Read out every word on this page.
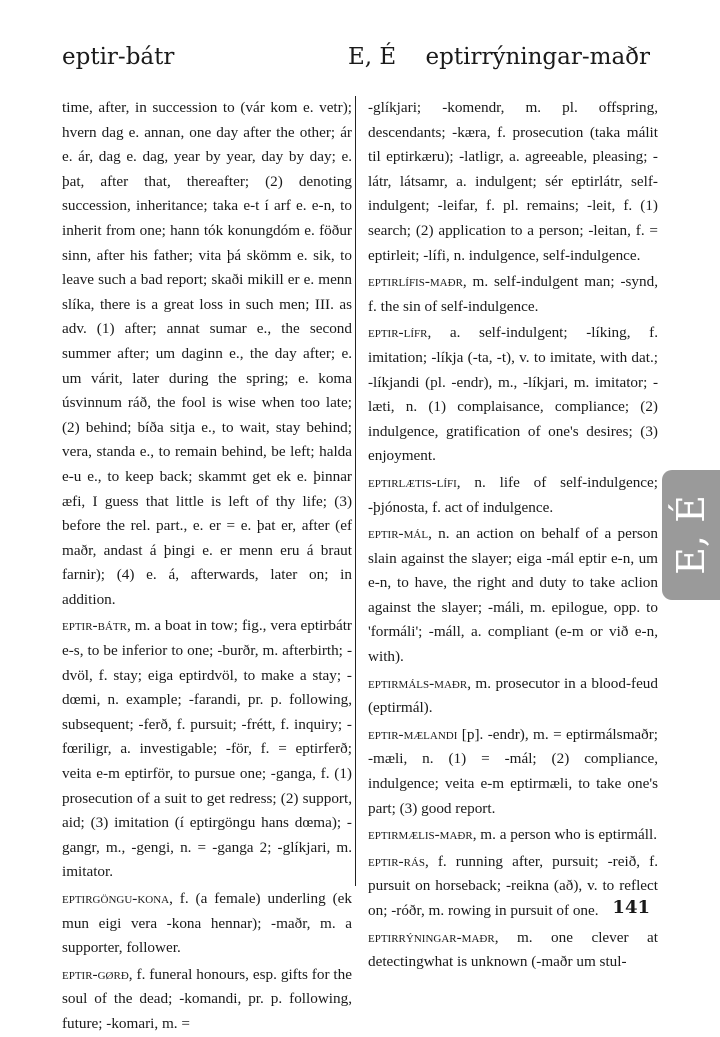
eptir-bátr	E, É eptirrýningar-maðr

time, after, in succession to (vár kom e. vetr); hvern dag e. annan, one day after the other; ár e. ár, dag e. dag, year by year, day by day; e. þat, after that, thereafter; (2) denoting succession, inheritance; taka e-t í arf e. e-n, to inherit from one; hann tók konungdóm e. föður sinn, after his father; vita þá skömm e. sik, to leave such a bad report; skaði mikill er e. menn slíka, there is a great loss in such men; III. as adv. (1) after; annat sumar e., the second summer after; um daginn e., the day after; e. um várit, later during the spring; e. koma úsvinnum ráð, the fool is wise when too late; (2) behind; bíða sitja e., to wait, stay behind; vera, standa e., to remain behind, be left; halda e-u e., to keep back; skammt get ek e. þinnar æfi, I guess that little is left of thy life; (3) before the rel. part., e. er = e. þat er, after (ef maðr, andast á þingi e. er menn eru á braut farnir); (4) e. á, afterwards, later on; in addition.

eptir-bátr, m. a boat in tow; fig., vera eptirbátr e-s, to be inferior to one; -burðr, m. afterbirth; -dvöl, f. stay; eiga eptirdvöl, to make a stay; -dœmi, n. example; -farandi, pr. p. following, subsequent; -ferð, f. pursuit; -frétt, f. inquiry; -fœriligr, a. investigable; -för, f. = eptirferð; veita e-m eptirför, to pursue one; -ganga, f. (1) prosecution of a suit to get redress; (2) support, aid; (3) imitation (í eptirgöngu hans dœma); -gangr, m., -gengi, n. = -ganga 2; -glíkjari, m. imitator.

eptirgöngu-kona, f. (a female) underling (ek mun eigi vera -kona hennar); -maðr, m. a supporter, follower.

eptir-gørð, f. funeral honours, esp. gifts for the soul of the dead; -komandi, pr. p. following, future; -komari, m. =

-glíkjari; -komendr, m. pl. offspring, descendants; -kæra, f. prosecution (taka málit til eptirkæru); -latligr, a. agreeable, pleasing; -látr, látsamr, a. indulgent; sér eptirlátr, self-indulgent; -leifar, f. pl. remains; -leit, f. (1) search; (2) application to a person; -leitan, f. = eptirleit; -lífi, n. indulgence, self-indulgence.

eptirlífis-maðr, m. self-indulgent man; -synd, f. the sin of self-indulgence.

eptir-lífr, a. self-indulgent; -líking, f. imitation; -líkja (-ta, -t), v. to imitate, with dat.; -líkjandi (pl. -endr), m., -líkjari, m. imitator; -læti, n. (1) complaisance, compliance; (2) indulgence, gratification of one's desires; (3) enjoyment.

eptirlætis-lífi, n. life of self-indulgence; -þjónosta, f. act of indulgence.

eptir-mál, n. an action on behalf of a person slain against the slayer; eiga -mál eptir e-n, um e-n, to have, the right and duty to take aclion against the slayer; -máli, m. epilogue, opp. to 'formáli'; -máll, a. compliant (e-m or við e-n, with).

eptirmáls-maðr, m. prosecutor in a blood-feud (eptirmál).

eptir-mælandi [p]. -endr), m. = eptirmálsmaðr; -mæli, n. (1) = -mál; (2) compliance, indulgence; veita e-m eptirmæli, to take one's part; (3) good report.

eptirmælis-maðr, m. a person who is eptirmáll.

eptir-rás, f. running after, pursuit; -reið, f. pursuit on horseback; -reikna (að), v. to reflect on; -róðr, m. rowing in pursuit of one.

eptirrýningar-maðr, m. one clever at detectingwhat is unknown (-maðr um stul-

E, É
141
